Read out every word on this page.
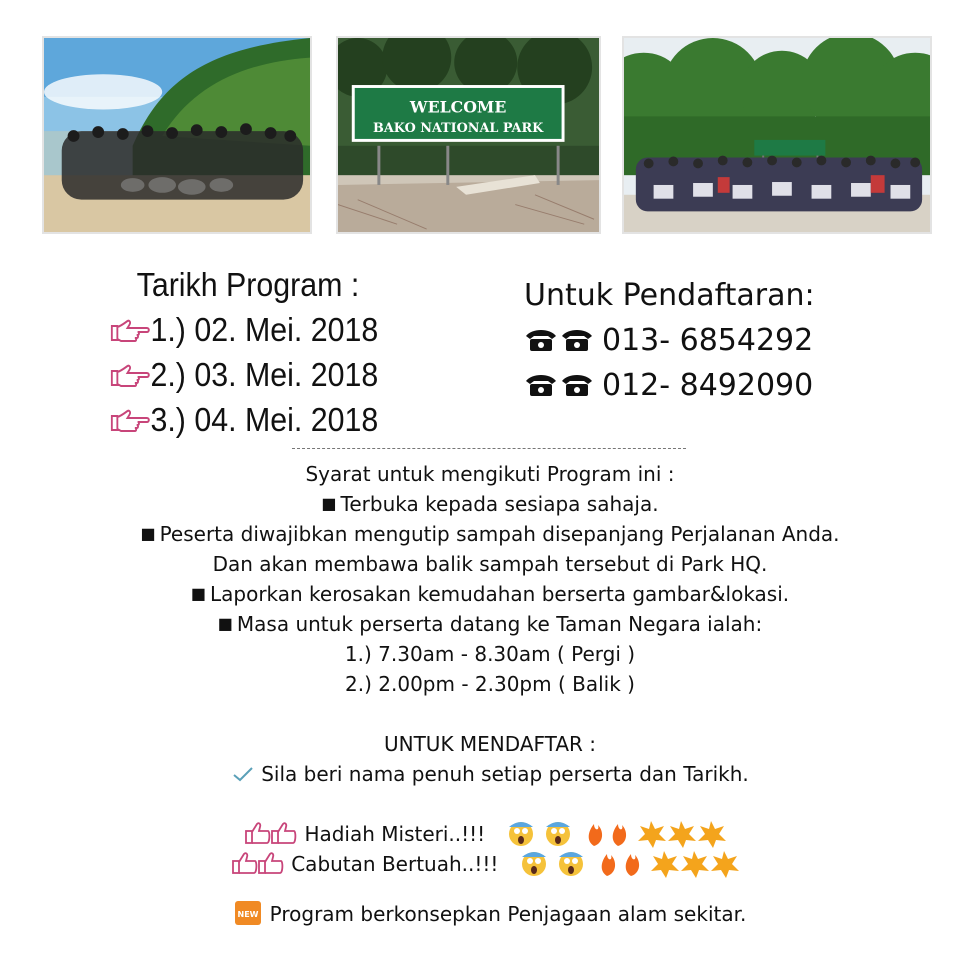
WELCOME
BAKO NATIONAL PARK
Tarikh Program :
1.) 02. Mei. 2018
2.) 03. Mei. 2018
3.) 04. Mei. 2018
Untuk Pendaftaran:
013- 6854292
012- 8492090
Syarat untuk mengikuti Program ini :
■ Terbuka kepada sesiapa sahaja.
■ Peserta diwajibkan mengutip sampah disepanjang Perjalanan Anda.
Dan akan membawa balik sampah tersebut di Park HQ.
■ Laporkan kerosakan kemudahan berserta gambar&lokasi.
■ Masa untuk perserta datang ke Taman Negara ialah:
1.) 7.30am - 8.30am ( Pergi )
2.) 2.00pm - 2.30pm ( Balik )
UNTUK MENDAFTAR :
Sila beri nama penuh setiap perserta dan Tarikh.
Hadiah Misteri..!!!
Cabutan Bertuah..!!!
NEW Program berkonsepkan Penjagaan alam sekitar.
